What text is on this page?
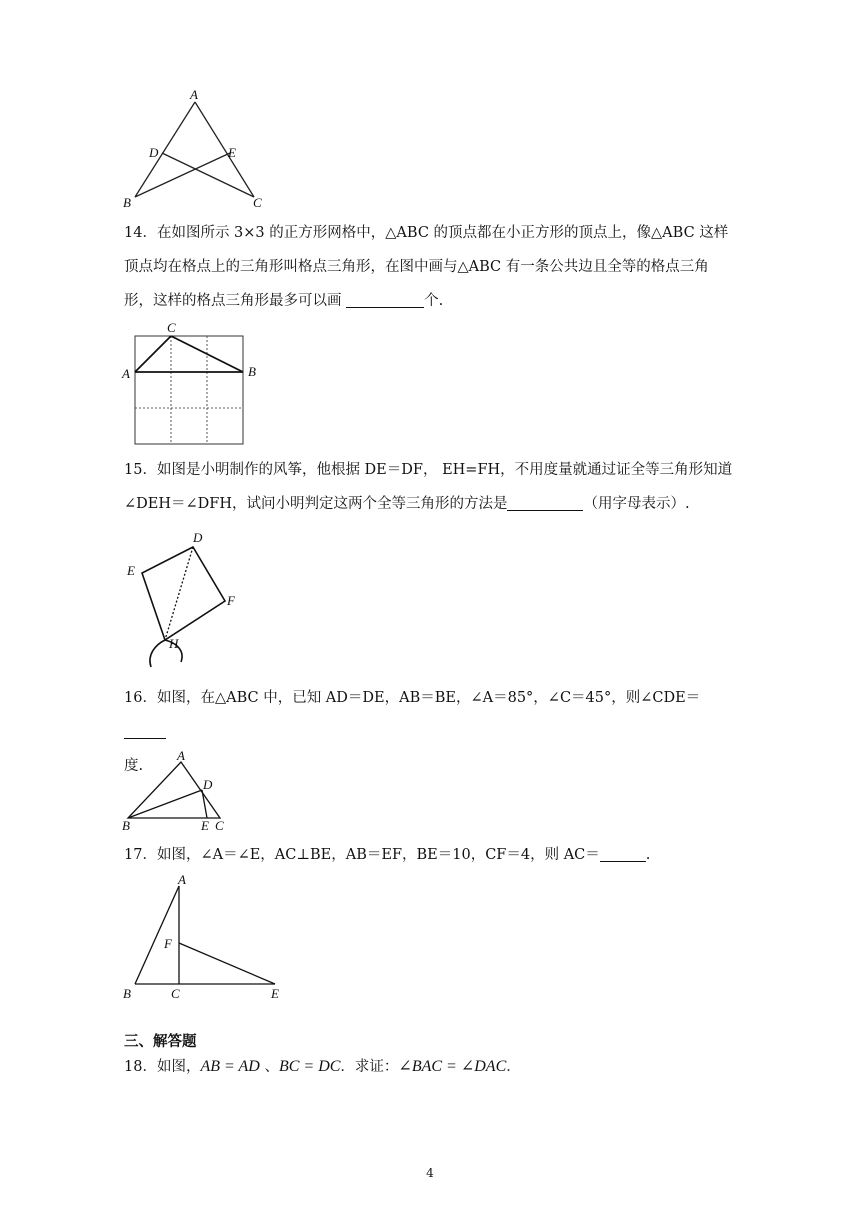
A
D	E
B	C
14．在如图所示 3×3 的正方形网格中，△ABC 的顶点都在小正方形的顶点上，像△ABC 这样
顶点均在格点上的三角形叫格点三角形，在图中画与△ABC 有一条公共边且全等的格点三角
形，这样的格点三角形最多可以画	个.
C
A	B
15．如图是小明制作的风筝，他根据 DE＝DF， EH=FH，不用度量就通过证全等三角形知道
∠DEH＝∠DFH，试问小明判定这两个全等三角形的方法是	（用字母表示）.
D
E
F
H
16．如图，在△ABC 中，已知 AD＝DE，AB＝BE，∠A＝85°，∠C＝45°，则∠CDE＝
度.
A
D
B	E C
17．如图，∠A＝∠E，AC⊥BE，AB＝EF，BE＝10，CF＝4，则 AC＝	.
A
F
B	C	E
三、解答题
18．如图，AB = AD 、BC = DC．求证：∠BAC = ∠DAC．
4
